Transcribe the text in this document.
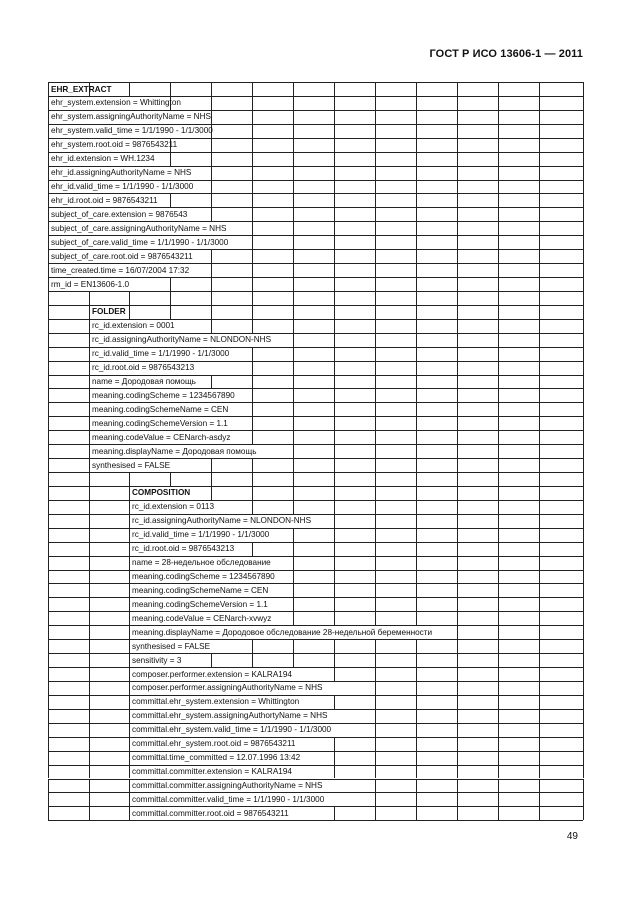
ГОСТ Р ИСО 13606-1 — 2011
EHR_EXTRACT
ehr_system.extension = Whittington
ehr_system.assigningAuthorityName = NHS
ehr_system.valid_time = 1/1/1990 - 1/1/3000
ehr_system.root.oid = 9876543211
ehr_id.extension = WH.1234
ehr_id.assigningAuthorityName = NHS
ehr_id.valid_time = 1/1/1990 - 1/1/3000
ehr_id.root.oid = 9876543211
subject_of_care.extension = 9876543
subject_of_care.assigningAuthorityName = NHS
subject_of_care.valid_time = 1/1/1990 - 1/1/3000
subject_of_care.root.oid = 9876543211
time_created.time = 16/07/2004 17:32
rm_id = EN13606-1.0
FOLDER
rc_id.extension = 0001
rc_id.assigningAuthorityName = NLONDON-NHS
rc_id.valid_time = 1/1/1990 - 1/1/3000
rc_id.root.oid = 9876543213
name = Дородовая помощь
meaning.codingScheme = 1234567890
meaning.codingSchemeName = CEN
meaning.codingSchemeVersion = 1.1
meaning.codeValue = CENarch-asdyz
meaning.displayName = Дородовая помощь
synthesised = FALSE
COMPOSITION
rc_id.extension = 0113
rc_id.assigningAuthorityName = NLONDON-NHS
rc_id.valid_time = 1/1/1990 - 1/1/3000
rc_id.root.oid = 9876543213
name = 28-недельное обследование
meaning.codingScheme = 1234567890
meaning.codingSchemeName = CEN
meaning.codingSchemeVersion = 1.1
meaning.codeValue = CENarch-xvwyz
meaning.displayName = Дородовое обследование 28-недельной беременности
synthesised = FALSE
sensitivity = 3
composer.performer.extension = KALRA194
composer.performer.assigningAuthorityName = NHS
committal.ehr_system.extension = Whittington
committal.ehr_system.assigningAuthortyName = NHS
committal.ehr_system.valid_time = 1/1/1990 - 1/1/3000
committal.ehr_system.root.oid = 9876543211
committal.time_committed = 12.07.1996 13:42
committal.committer.extension = KALRA194
committal.committer.assigningAuthorityName = NHS
committal.committer.valid_time = 1/1/1990 - 1/1/3000
committal.committer.root.oid = 9876543211
49
